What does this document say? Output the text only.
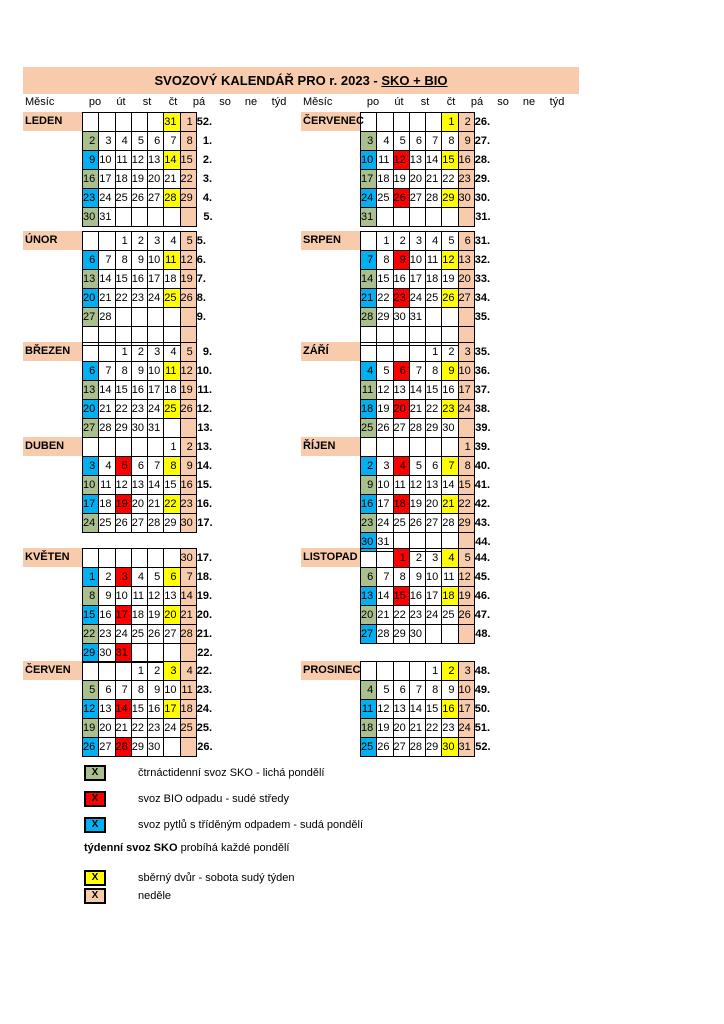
SVOZOVÝ KALENDÁŘ PRO r. 2023 -
SKO + BIO
Měsíc	po	út	st	čt	pá	so	ne	týd	Měsíc	po	út	st	čt	pá	so	ne	týd
LEDEN
						31	1	52.
2	3	4	5	6	7	8	1.
9	10	11	12	13	14	15	2.
16	17	18	19	20	21	22	3.
23	24	25	26	27	28	29	4.
30	31						5.
ČERVENEC
						1	2	26.
3	4	5	6	7	8	9	27.
10	11	12	13	14	15	16	28.
17	18	19	20	21	22	23	29.
24	25	26	27	28	29	30	30.
31							31.
ÚNOR
			1	2	3	4	5	5.
6	7	8	9	10	11	12	6.
13	14	15	16	17	18	19	7.
20	21	22	23	24	25	26	8.
27	28						9.

SRPEN
		1	2	3	4	5	6	31.
7	8	9	10	11	12	13	32.
14	15	16	17	18	19	20	33.
21	22	23	24	25	26	27	34.
28	29	30	31				35.

BŘEZEN
			1	2	3	4	5	9.
6	7	8	9	10	11	12	10.
13	14	15	16	17	18	19	11.
20	21	22	23	24	25	26	12.
27	28	29	30	31			13.
ZÁŘÍ
					1	2	3	35.
4	5	6	7	8	9	10	36.
11	12	13	14	15	16	17	37.
18	19	20	21	22	23	24	38.
25	26	27	28	29	30		39.
DUBEN
						1	2	13.
3	4	5	6	7	8	9	14.
10	11	12	13	14	15	16	15.
17	18	19	20	21	22	23	16.
24	25	26	27	28	29	30	17.
ŘÍJEN
							1	39.
2	3	4	5	6	7	8	40.
9	10	11	12	13	14	15	41.
16	17	18	19	20	21	22	42.
23	24	25	26	27	28	29	43.
30	31						44.
KVĚTEN
							30	17.
1	2	3	4	5	6	7	18.
8	9	10	11	12	13	14	19.
15	16	17	18	19	20	21	20.
22	23	24	25	26	27	28	21.
29	30	31					22.
LISTOPAD
			1	2	3	4	5	44.
6	7	8	9	10	11	12	45.
13	14	15	16	17	18	19	46.
20	21	22	23	24	25	26	47.
27	28	29	30				48.
ČERVEN
				1	2	3	4	22.
5	6	7	8	9	10	11	23.
12	13	14	15	16	17	18	24.
19	20	21	22	23	24	25	25.
26	27	28	29	30			26.
PROSINEC
					1	2	3	48.
4	5	6	7	8	9	10	49.
11	12	13	14	15	16	17	50.
18	19	20	21	22	23	24	51.
25	26	27	28	29	30	31	52.
X	čtrnáctidenní svoz SKO - lichá pondělí
X	svoz BIO odpadu - sudé středy
X	svoz pytlů s tříděným odpadem - sudá pondělí
týdenní svoz SKO probíhá každé pondělí
X	sběrný dvůr - sobota sudý týden
X	neděle
